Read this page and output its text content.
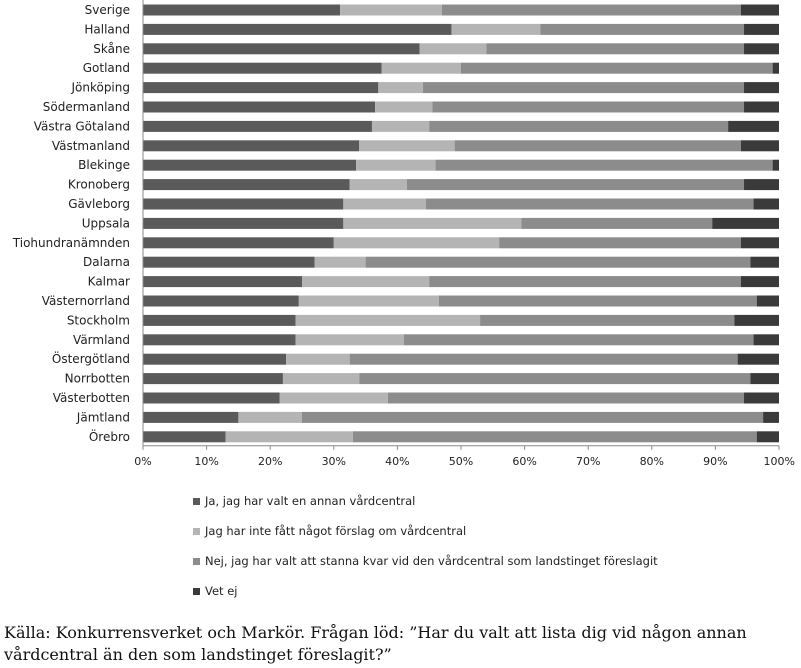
Sverige
Halland
Skåne
Gotland
Jönköping
Södermanland
Västra Götaland
Västmanland
Blekinge
Kronoberg
Gävleborg
Uppsala
Tiohundranämnden
Dalarna
Kalmar
Västernorrland
Stockholm
Värmland
Östergötland
Norrbotten
Västerbotten
Jämtland
Örebro
0%	10%	20%	30%	40%	50%	60%	70%	80%	90%	100%
Ja, jag har valt en annan vårdcentral
Jag har inte fått något förslag om vårdcentral
Nej, jag har valt att stanna kvar vid den vårdcentral som landstinget föreslagit
Vet ej
Källa: Konkurrensverket och Markör. Frågan löd: ”Har du valt att lista dig vid någon annan vårdcentral än den som landstinget föreslagit?”
